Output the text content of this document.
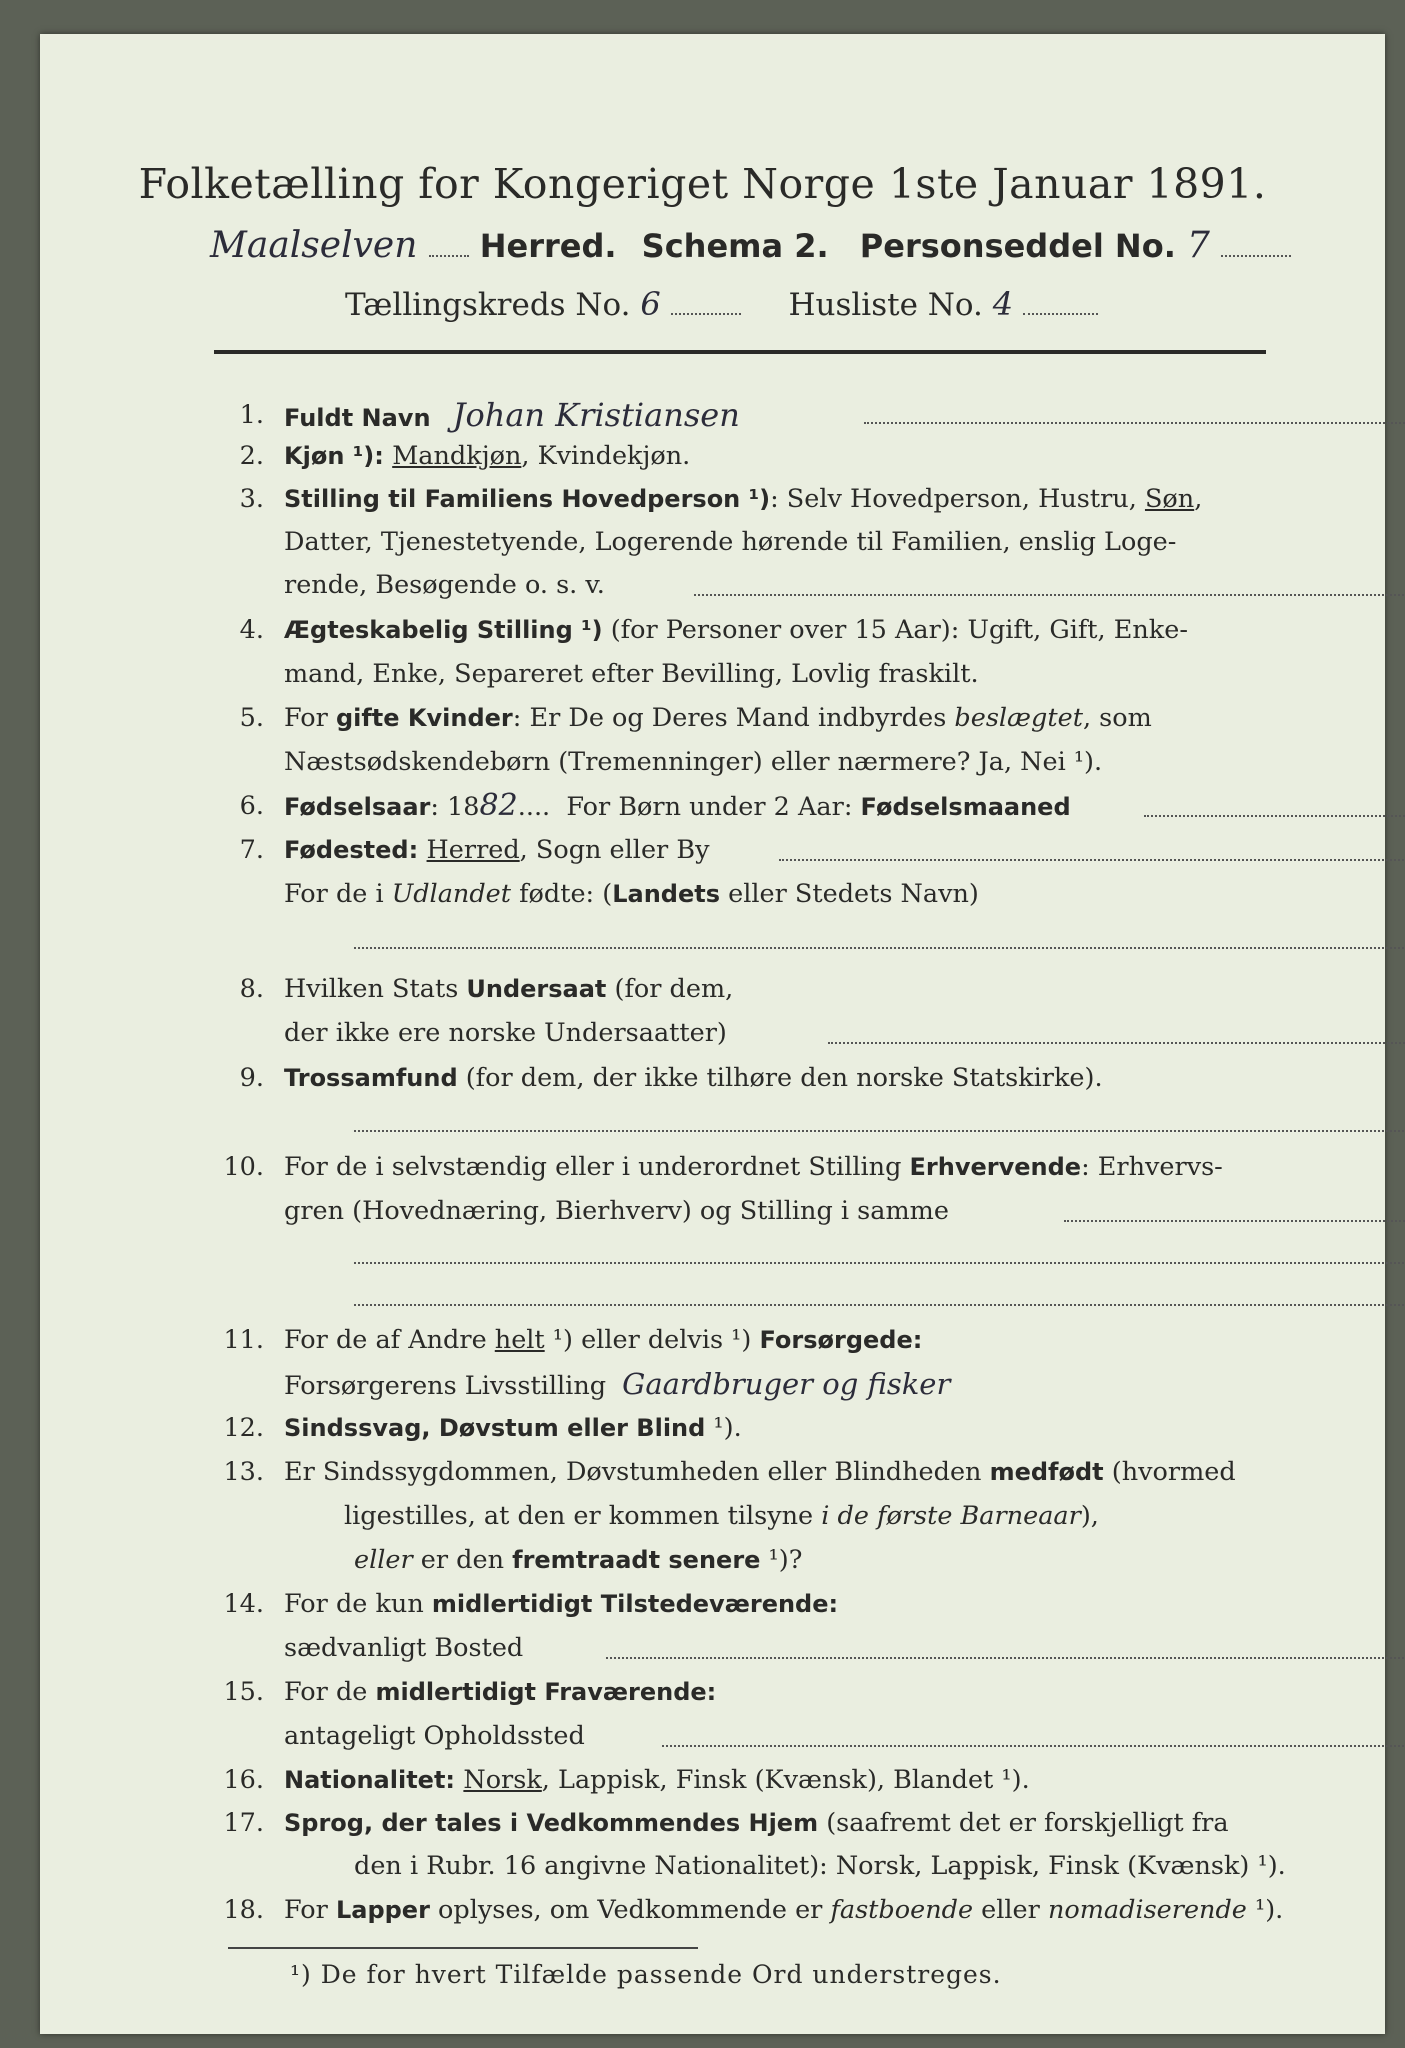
Folketælling for Kongeriget Norge 1ste Januar 1891.
Maalselven Herred. Schema 2. Personseddel No. 7
Tællingskreds No. 6	Husliste No. 4
1. Fuldt Navn Johan Kristiansen
2. Kjøn ¹): Mandkjøn, Kvindekjøn.
3. Stilling til Familiens Hovedperson ¹): Selv Hovedperson, Hustru, Søn,
Datter, Tjenestetyende, Logerende hørende til Familien, enslig Loge-
rende, Besøgende o. s. v.
4. Ægteskabelig Stilling ¹) (for Personer over 15 Aar): Ugift, Gift, Enke-
mand, Enke, Separeret efter Bevilling, Lovlig fraskilt.
5. For gifte Kvinder: Er De og Deres Mand indbyrdes beslægtet, som
Næstsødskendebørn (Tremenninger) eller nærmere? Ja, Nei ¹).
6. Fødselsaar: 1882....  For Børn under 2 Aar: Fødselsmaaned
7. Fødested: Herred, Sogn eller By
For de i Udlandet fødte: (Landets eller Stedets Navn)
8. Hvilken Stats Undersaat (for dem,
der ikke ere norske Undersaatter)
9. Trossamfund (for dem, der ikke tilhøre den norske Statskirke).
10. For de i selvstændig eller i underordnet Stilling Erhvervende: Erhvervs-
gren (Hovednæring, Bierhverv) og Stilling i samme
11. For de af Andre helt ¹) eller delvis ¹) Forsørgede:
Forsørgerens Livsstilling Gaardbruger og fisker
12. Sindssvag, Døvstum eller Blind ¹).
13. Er Sindssygdommen, Døvstumheden eller Blindheden medfødt (hvormed
ligestilles, at den er kommen tilsyne i de første Barneaar),
eller er den fremtraadt senere ¹)?
14. For de kun midlertidigt Tilstedeværende:
sædvanligt Bosted
15. For de midlertidigt Fraværende:
antageligt Opholdssted
16. Nationalitet: Norsk, Lappisk, Finsk (Kvænsk), Blandet ¹).
17. Sprog, der tales i Vedkommendes Hjem (saafremt det er forskjelligt fra
den i Rubr. 16 angivne Nationalitet): Norsk, Lappisk, Finsk (Kvænsk) ¹).
18. For Lapper oplyses, om Vedkommende er fastboende eller nomadiserende ¹).
¹) De for hvert Tilfælde passende Ord understreges.
